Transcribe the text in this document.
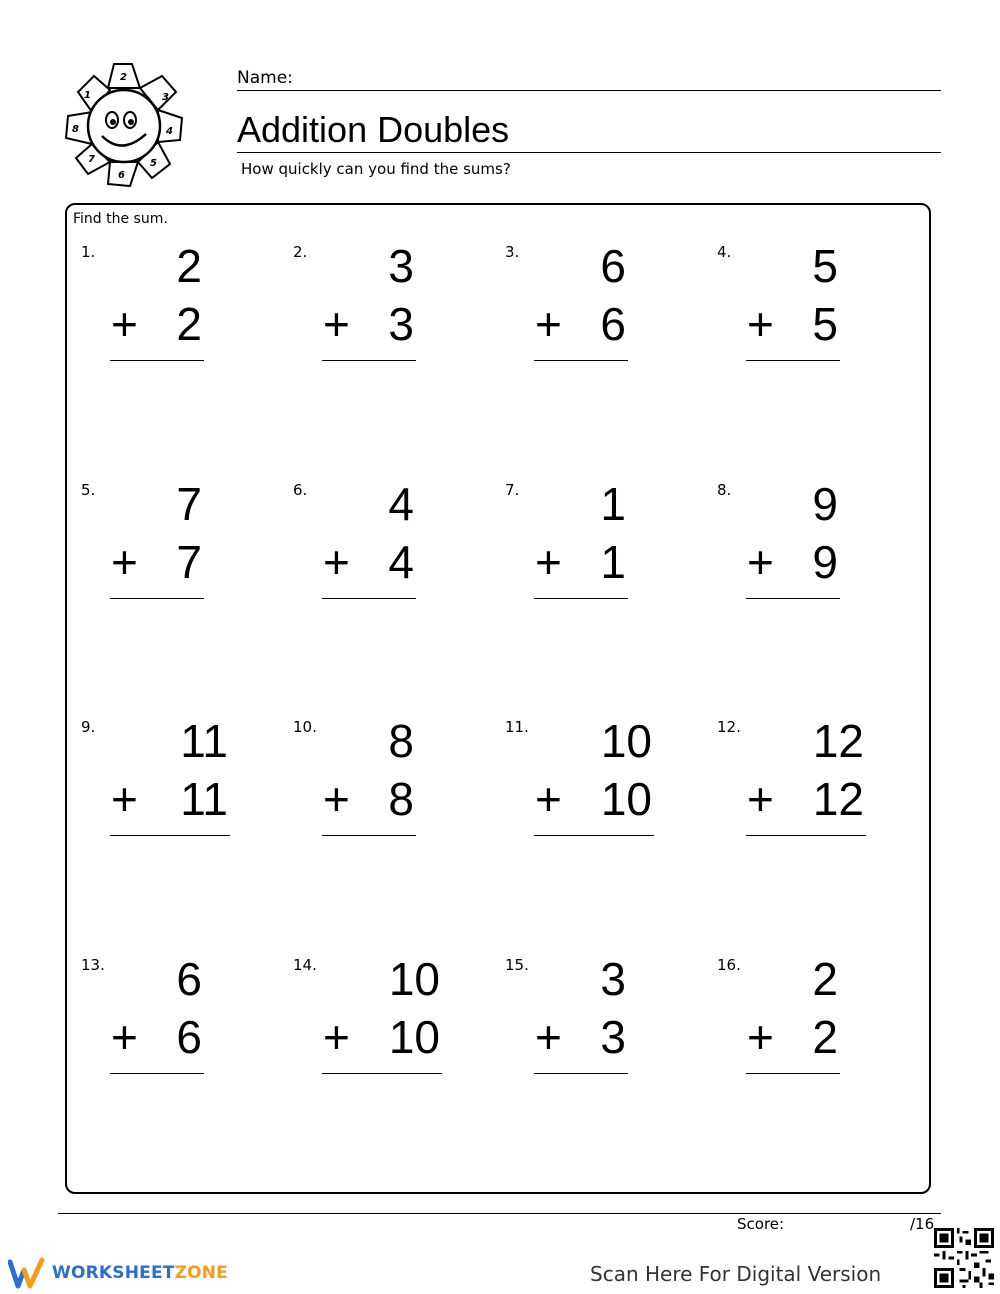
2
3
4
5
6
7
8
1
Name:
Addition Doubles
How quickly can you find the sums?
Find the sum.
1. 2
+ 2
2. 3
+ 3
3. 6
+ 6
4. 5
+ 5
5. 7
+ 7
6. 4
+ 4
7. 1
+ 1
8. 9
+ 9
9. 11
+ 11
10. 8
+ 8
11. 10
+ 10
12. 12
+ 12
13. 6
+ 6
14. 10
+ 10
15. 3
+ 3
16. 2
+ 2
Score:	/16
WORKSHEETZONE	Scan Here For Digital Version
